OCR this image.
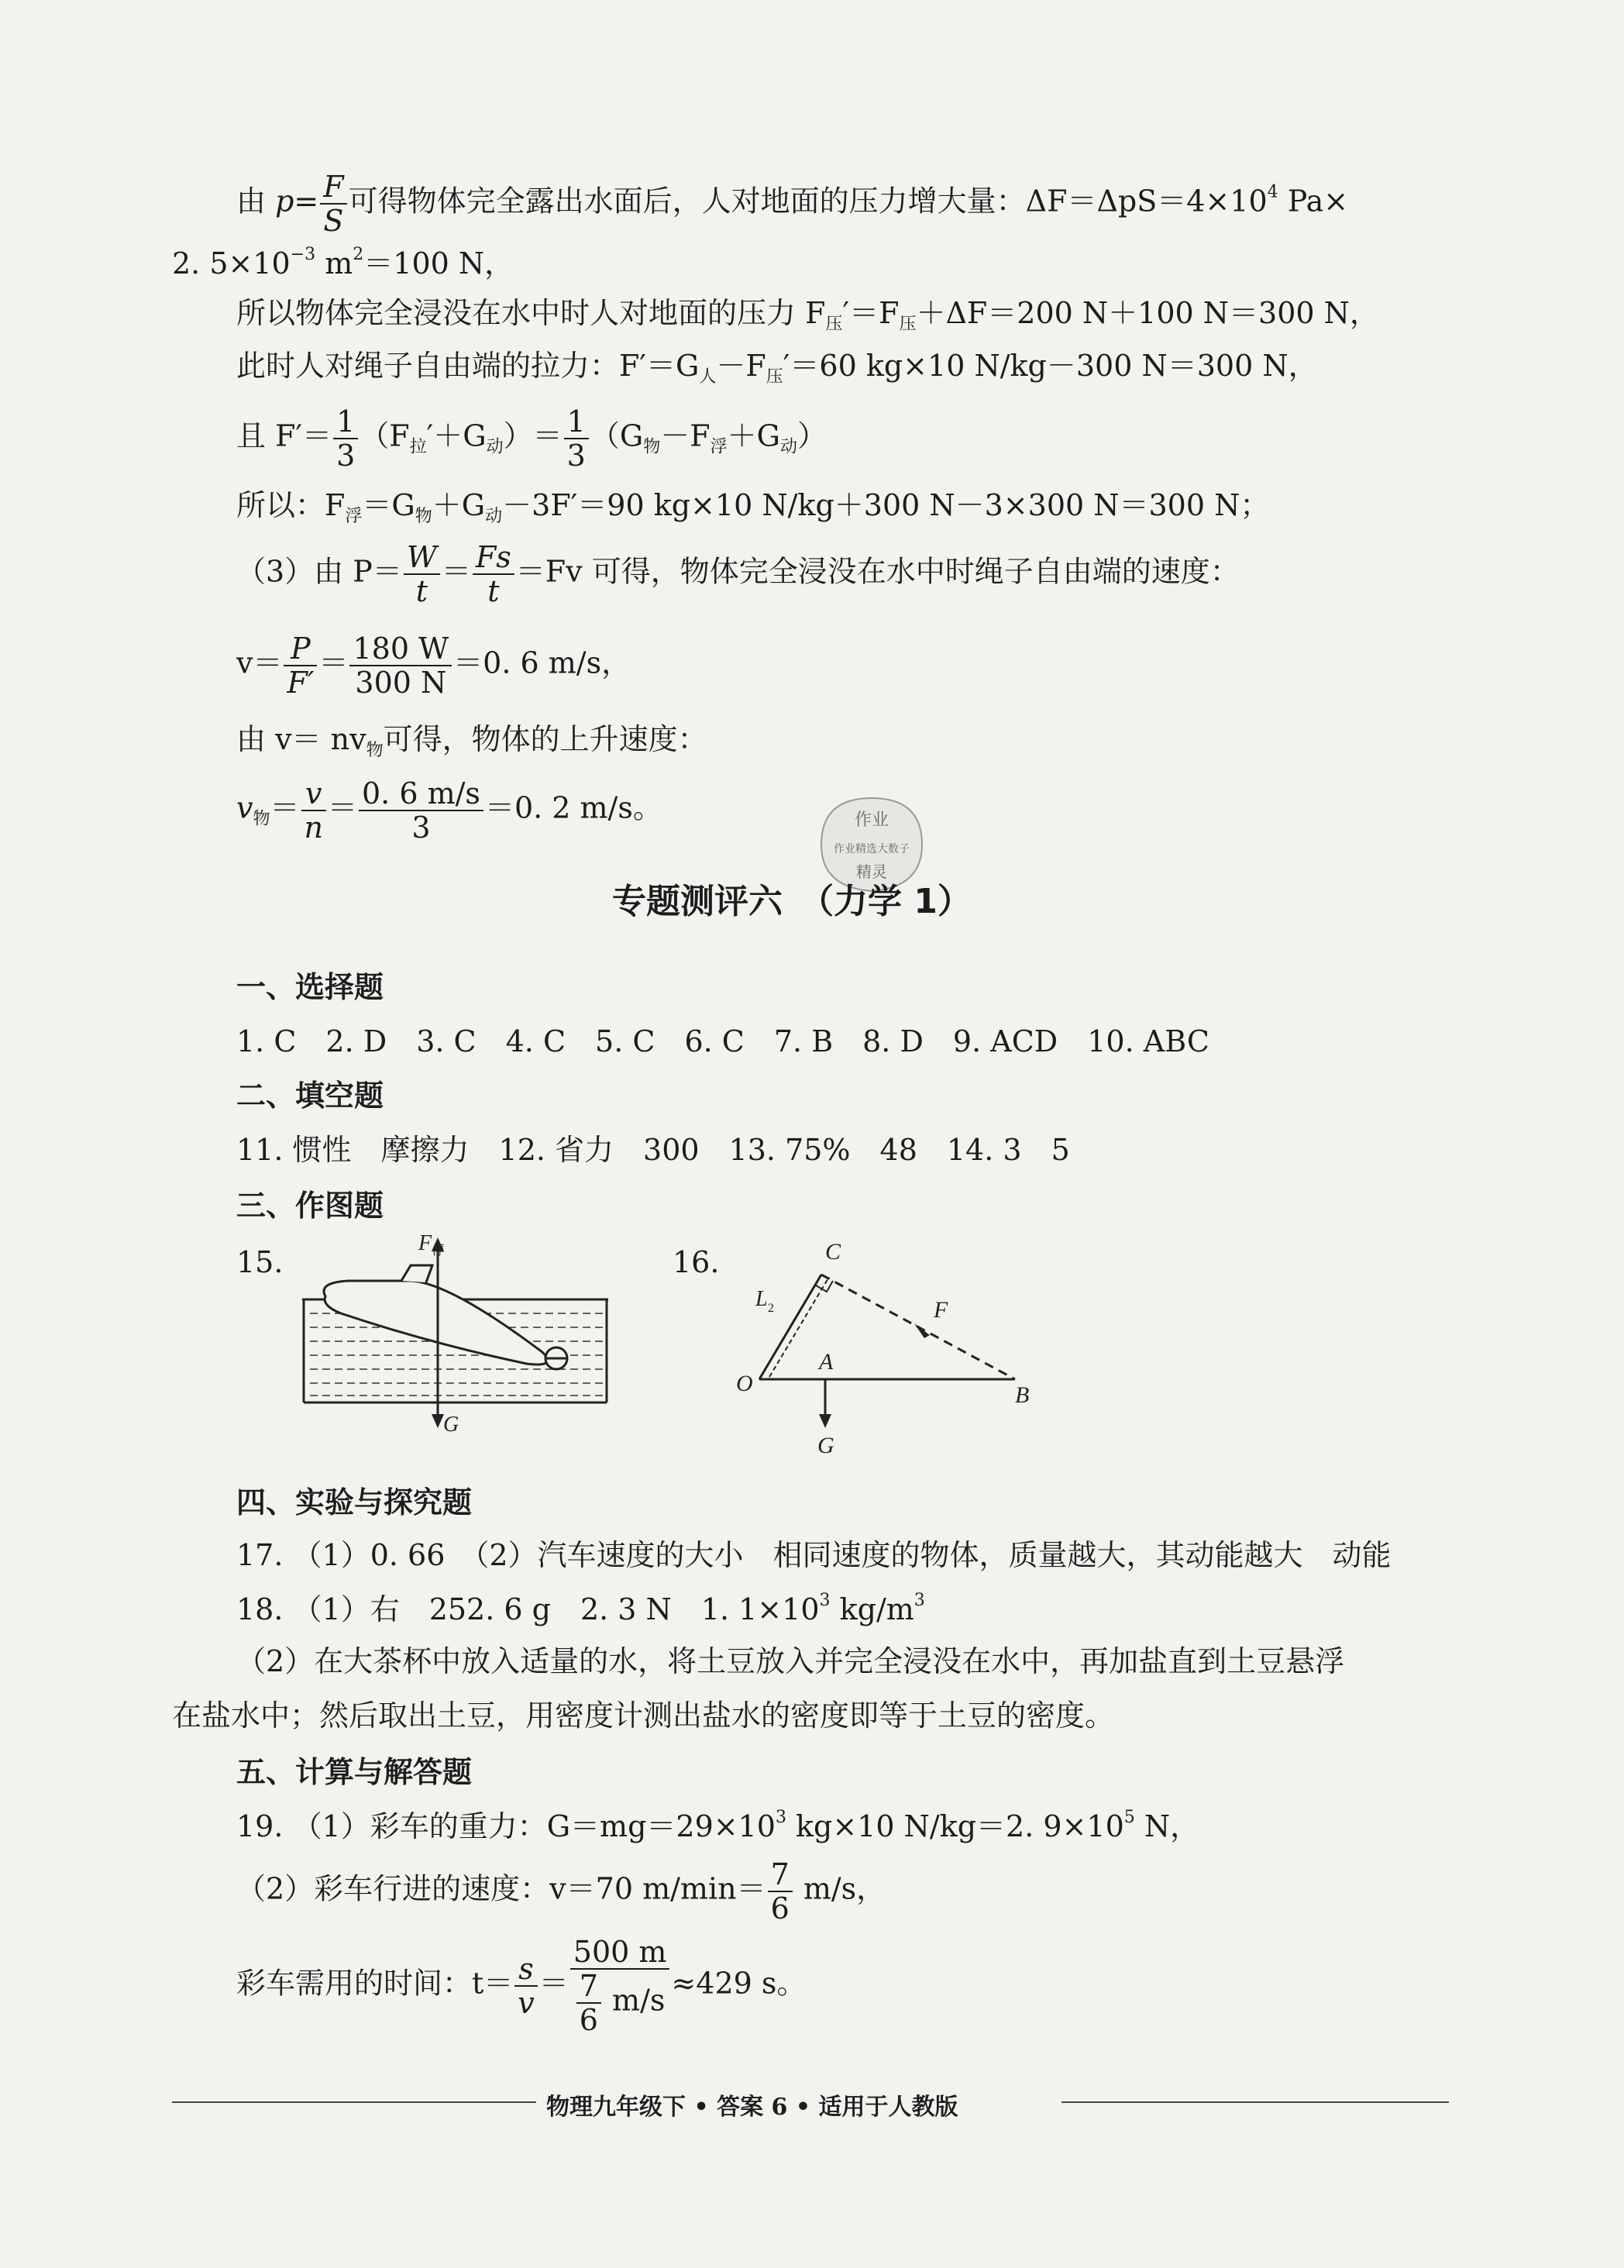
由 $p= \frac{F}{S}$ 可得物体完全露出水面后，人对地面的压力增大量：$\Delta F=\Delta pS=4\times 10^4$ Pa×
2. $5\times 10^{-3}$ $m^2=100$ N，
所以物体完全浸没在水中时人对地面的压力 $F_压'=F_压+\Delta F=200$ N＋100 N＝300 N，
此时人对绳子自由端的拉力：$F'=G_人-F_压'=60$ kg×10 N/kg－300 N＝300 N，
且 $F'= \frac{1}{3} (F_拉'+G_动)= \frac{1}{3} (G_物-F_浮+G_动)$
所以：$F_浮=G_物+G_动-3F'=90$ kg×10 N/kg＋300 N－3×300 N＝300 N；
（3）由 $P= \frac{W}{t} = \frac{Fs}{t} =Fv$ 可得，物体完全浸没在水中时绳子自由端的速度：
$v= \frac{P}{F'} = \frac{180 W}{300 N} =0$. 6 m/s，
由 $v= nv_物$可得，物体的上升速度：
$v_物= \frac{v}{n} = \frac{0. 6 m/s}{3} =0$. 2 m/s。	作业
作业精选大数子
精灵
专题测评六　（力学 1）
一、选择题
1. C　2. D　3. C　4. C　5. C　6. C　7. B　8. D　9. ACD　10. ABC
二、填空题
11. 惯性　摩擦力　12. 省力　300　13. 75%　48　14. 3　5
三、作图题
15.	16.
F 浮
G
C
F
L 2
A
O	B
G
四、实验与探究题
17. （1）0. 66　（2）汽车速度的大小　相同速度的物体，质量越大，其动能越大　动能
18. （1）右　252. 6 g　2. 3 N　1. $1\times 10^3$ $kg/m^3$
（2）在大茶杯中放入适量的水，将土豆放入并完全浸没在水中，再加盐直到土豆悬浮
在盐水中；然后取出土豆，用密度计测出盐水的密度即等于土豆的密度。
五、计算与解答题
19. （1）彩车的重力：$G=mg=29\times 10^3$ kg×10 N/kg＝2. $9\times 10^5$ N，
（2）彩车行进的速度：v＝70 $m/\min= \frac{7}{6} m/s$，
彩车需用的时间：$t= \frac{s}{v} = \frac{500 m}{\frac{7}{6} m/s} \approx 429$ s。
物理九年级下 • 答案 6 • 适用于人教版
